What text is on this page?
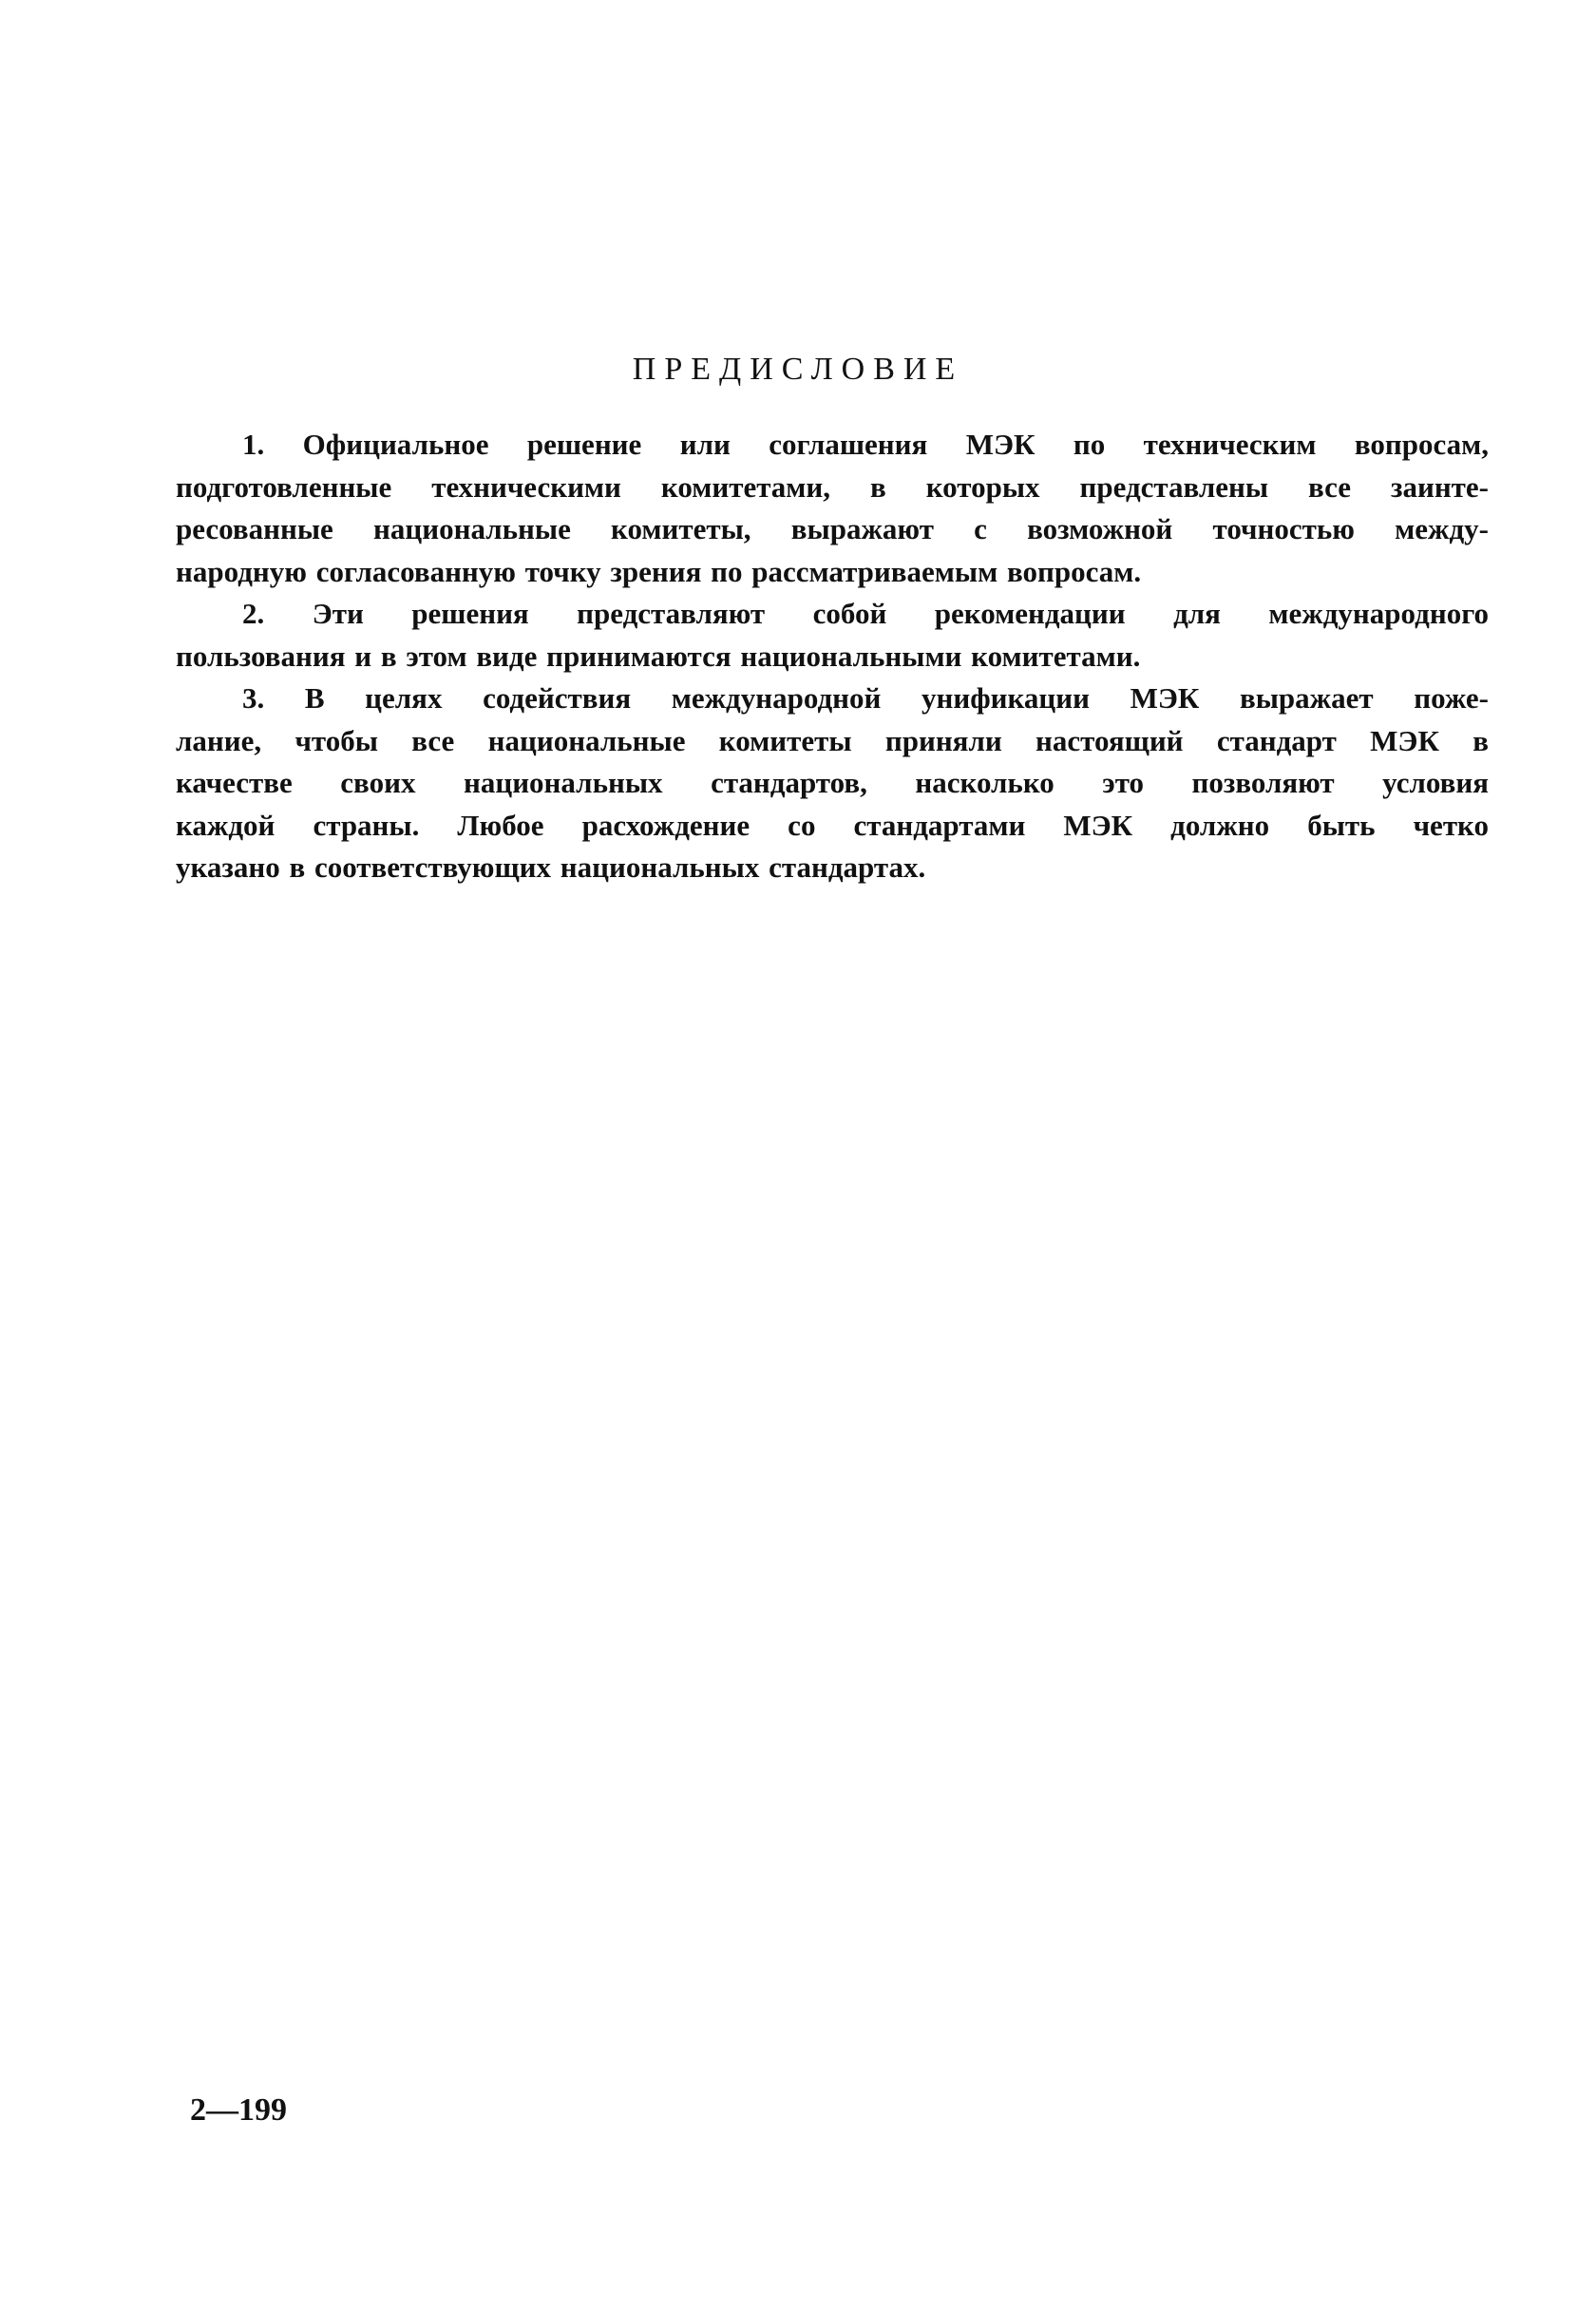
ПРЕДИСЛОВИЕ
1. Официальное решение или соглашения МЭК по техническим вопросам,
подготовленные техническими комитетами, в которых представлены все заинте-
ресованные национальные комитеты, выражают с возможной точностью между-
народную согласованную точку зрения по рассматриваемым вопросам.
2. Эти решения представляют собой рекомендации для международного
пользования и в этом виде принимаются национальными комитетами.
3. В целях содействия международной унификации МЭК выражает поже-
лание, чтобы все национальные комитеты приняли настоящий стандарт МЭК в
качестве своих национальных стандартов, насколько это позволяют условия
каждой страны. Любое расхождение со стандартами МЭК должно быть четко
указано в соответствующих национальных стандартах.
2—199
